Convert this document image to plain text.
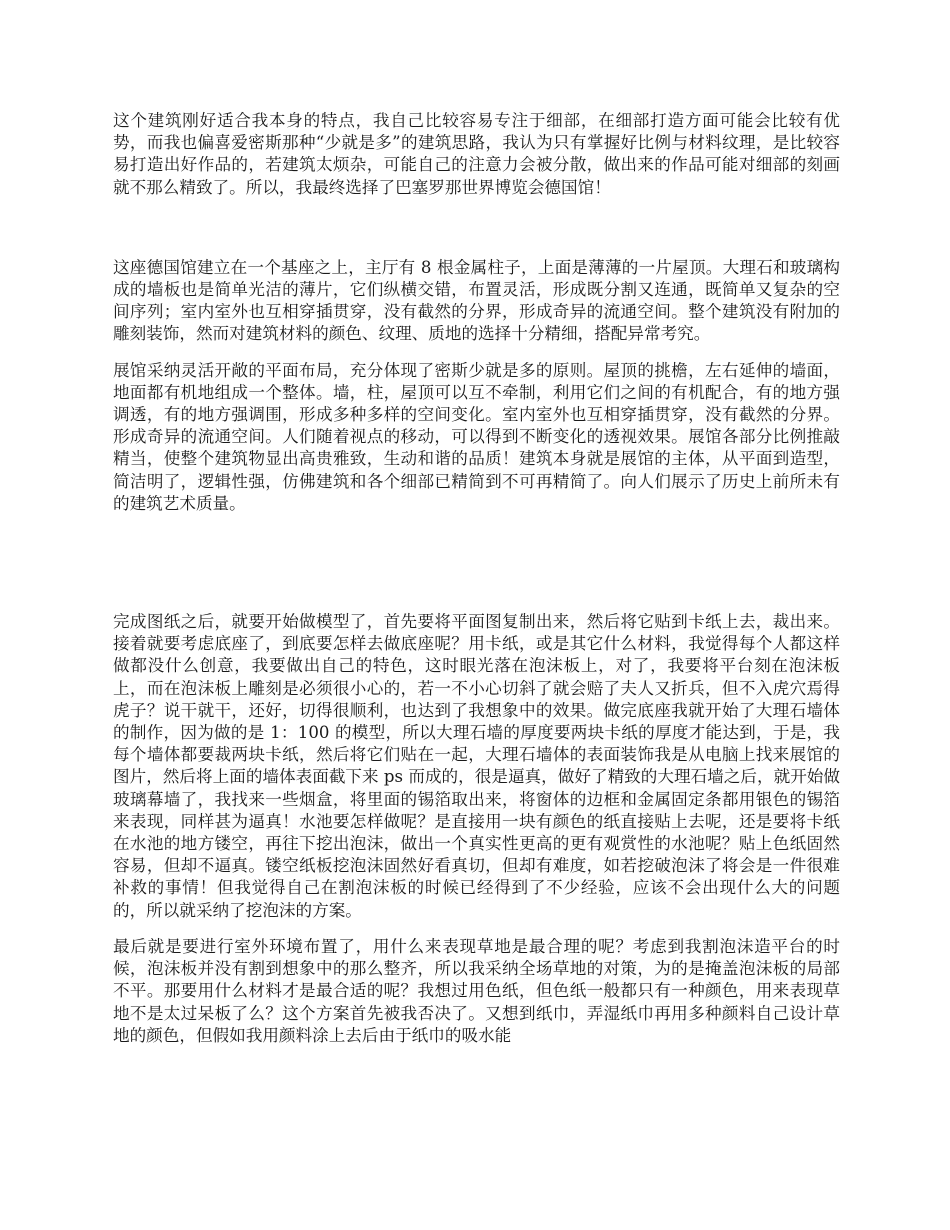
这个建筑刚好适合我本身的特点，我自己比较容易专注于细部，在细部打造方面可能会比较有优势，而我也偏喜爱密斯那种“少就是多”的建筑思路，我认为只有掌握好比例与材料纹理，是比较容易打造出好作品的，若建筑太烦杂，可能自己的注意力会被分散，做出来的作品可能对细部的刻画就不那么精致了。所以，我最终选择了巴塞罗那世界博览会德国馆！

这座德国馆建立在一个基座之上，主厅有 8 根金属柱子，上面是薄薄的一片屋顶。大理石和玻璃构成的墙板也是简单光洁的薄片，它们纵横交错，布置灵活，形成既分割又连通，既简单又复杂的空间序列；室内室外也互相穿插贯穿，没有截然的分界，形成奇异的流通空间。整个建筑没有附加的雕刻装饰，然而对建筑材料的颜色、纹理、质地的选择十分精细，搭配异常考究。

展馆采纳灵活开敞的平面布局，充分体现了密斯少就是多的原则。屋顶的挑檐，左右延伸的墙面，地面都有机地组成一个整体。墙，柱，屋顶可以互不牵制，利用它们之间的有机配合，有的地方强调透，有的地方强调围，形成多种多样的空间变化。室内室外也互相穿插贯穿，没有截然的分界。形成奇异的流通空间。人们随着视点的移动，可以得到不断变化的透视效果。展馆各部分比例推敲精当，使整个建筑物显出高贵雅致，生动和谐的品质！建筑本身就是展馆的主体，从平面到造型，简洁明了，逻辑性强，仿佛建筑和各个细部已精简到不可再精简了。向人们展示了历史上前所未有的建筑艺术质量。

完成图纸之后，就要开始做模型了，首先要将平面图复制出来，然后将它贴到卡纸上去，裁出来。接着就要考虑底座了，到底要怎样去做底座呢？用卡纸，或是其它什么材料，我觉得每个人都这样做都没什么创意，我要做出自己的特色，这时眼光落在泡沫板上，对了，我要将平台刻在泡沫板上，而在泡沫板上雕刻是必须很小心的，若一不小心切斜了就会赔了夫人又折兵，但不入虎穴焉得虎子？说干就干，还好，切得很顺利，也达到了我想象中的效果。做完底座我就开始了大理石墙体的制作，因为做的是 1：100 的模型，所以大理石墙的厚度要两块卡纸的厚度才能达到，于是，我每个墙体都要裁两块卡纸，然后将它们贴在一起，大理石墙体的表面装饰我是从电脑上找来展馆的图片，然后将上面的墙体表面截下来 ps 而成的，很是逼真，做好了精致的大理石墙之后，就开始做玻璃幕墙了，我找来一些烟盒，将里面的锡箔取出来，将窗体的边框和金属固定条都用银色的锡箔来表现，同样甚为逼真！水池要怎样做呢？是直接用一块有颜色的纸直接贴上去呢，还是要将卡纸在水池的地方镂空，再往下挖出泡沫，做出一个真实性更高的更有观赏性的水池呢？贴上色纸固然容易，但却不逼真。镂空纸板挖泡沫固然好看真切，但却有难度，如若挖破泡沫了将会是一件很难补救的事情！但我觉得自己在割泡沫板的时候已经得到了不少经验，应该不会出现什么大的问题的，所以就采纳了挖泡沫的方案。

最后就是要进行室外环境布置了，用什么来表现草地是最合理的呢？考虑到我割泡沫造平台的时候，泡沫板并没有割到想象中的那么整齐，所以我采纳全场草地的对策，为的是掩盖泡沫板的局部不平。那要用什么材料才是最合适的呢？我想过用色纸，但色纸一般都只有一种颜色，用来表现草地不是太过呆板了么？这个方案首先被我否决了。又想到纸巾，弄湿纸巾再用多种颜料自己设计草地的颜色，但假如我用颜料涂上去后由于纸巾的吸水能
